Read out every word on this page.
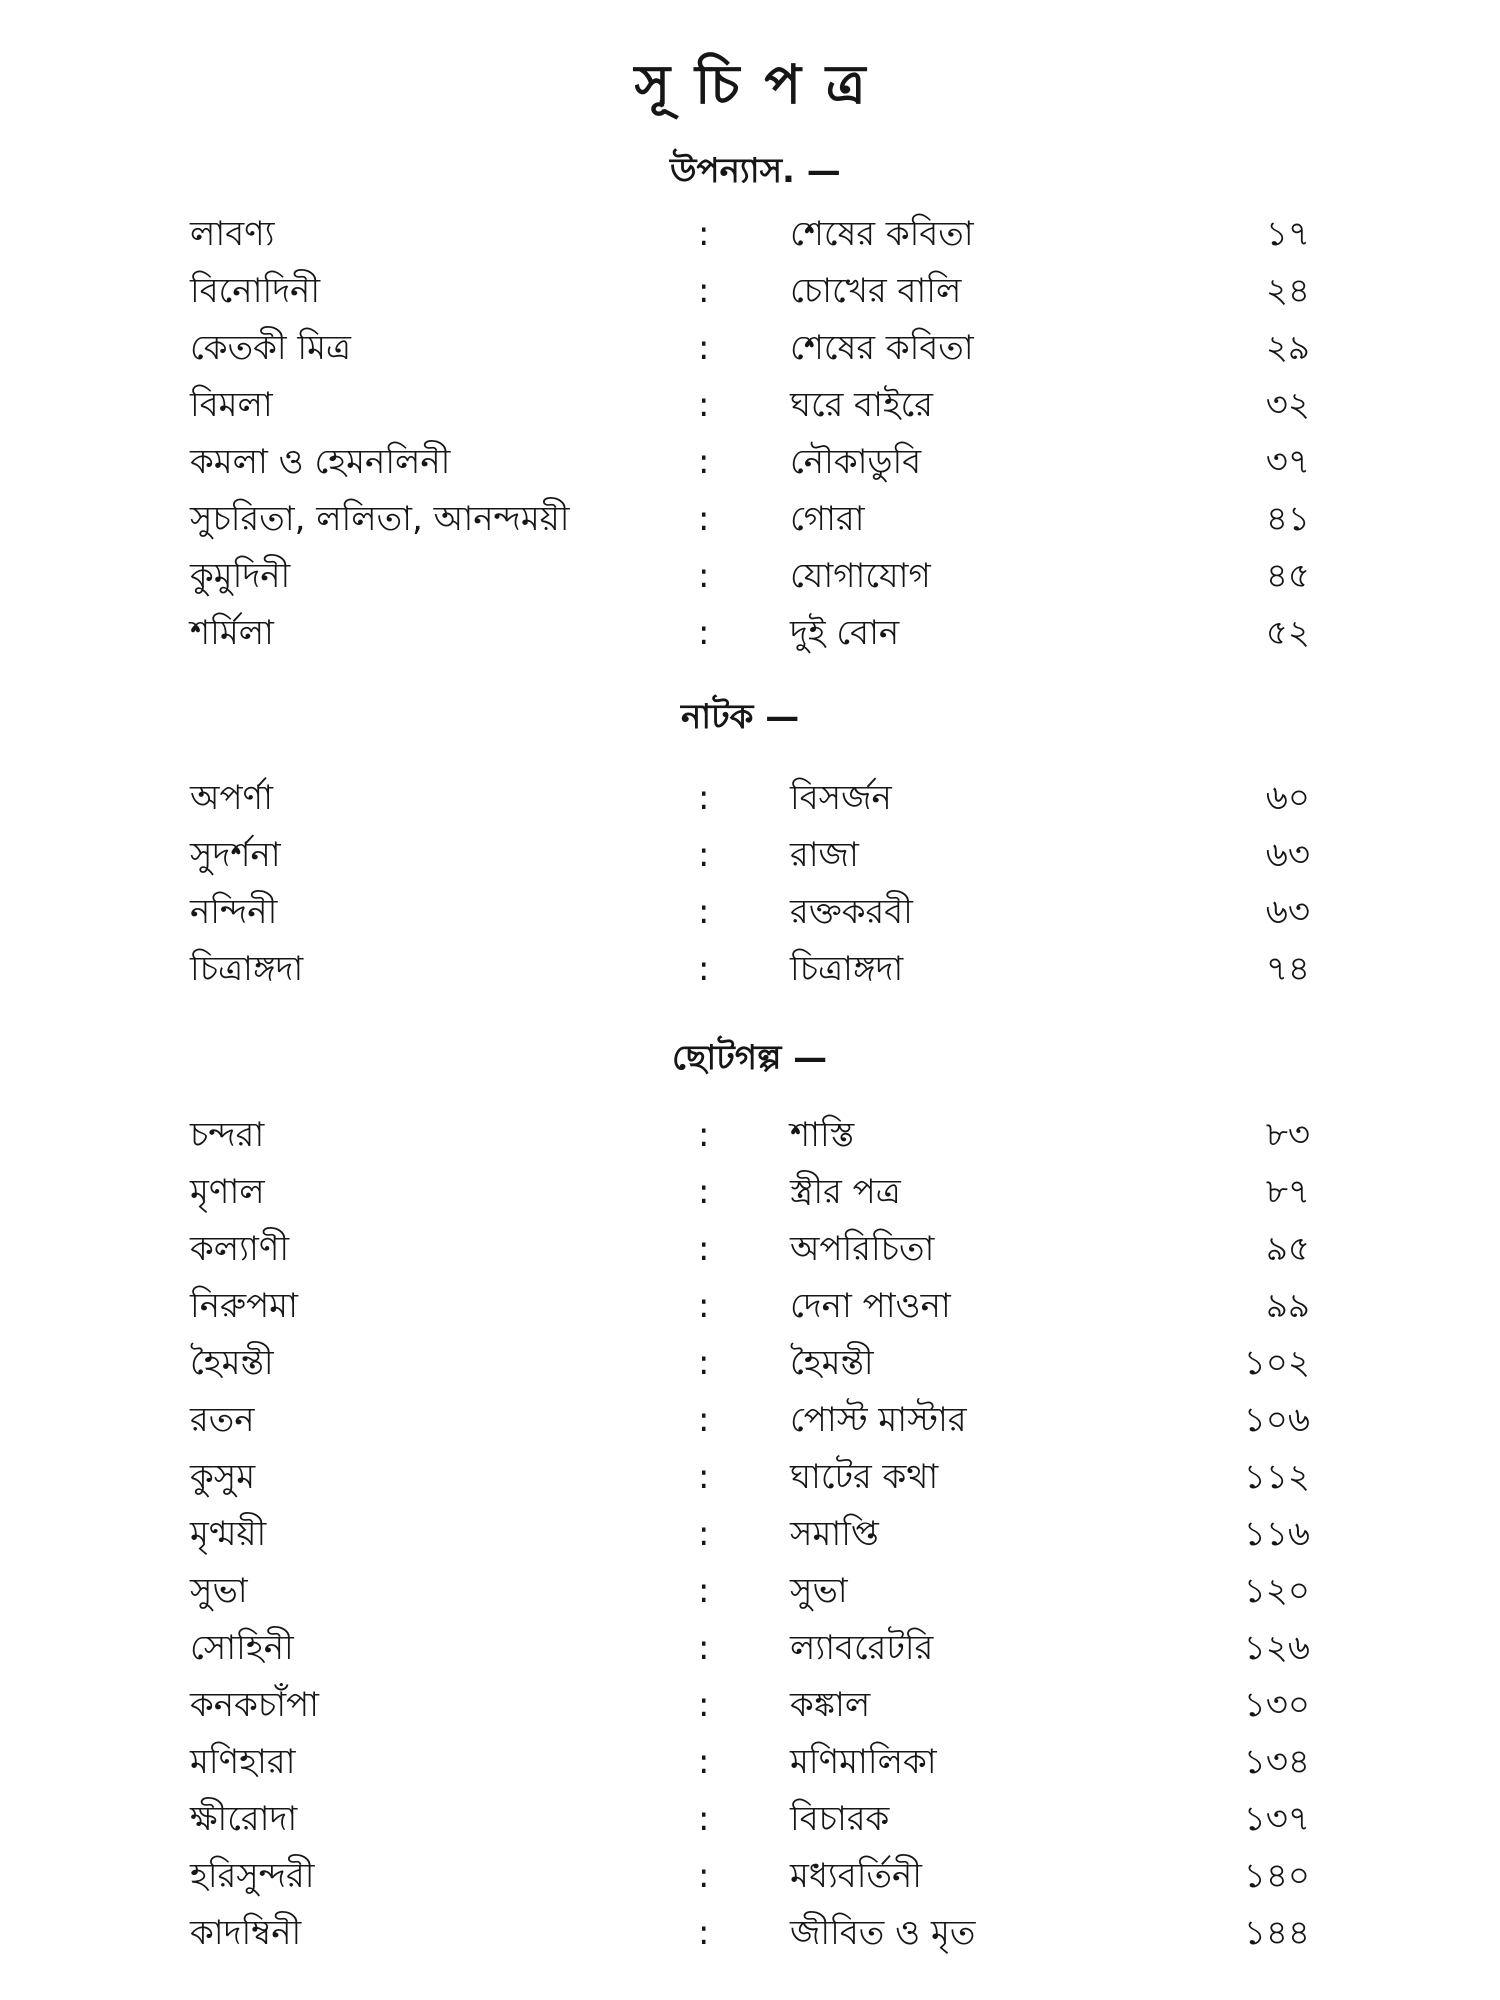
সূ চি প ত্র
উপন্যাস. —
লাবণ্য	: শেষের কবিতা	১৭
বিনোদিনী	: চোখের বালি	২৪
কেতকী মিত্র	: শেষের কবিতা	২৯
বিমলা	: ঘরে বাইরে	৩২
কমলা ও হেমনলিনী	: নৌকাডুবি	৩৭
সুচরিতা, ললিতা, আনন্দময়ী	: গোরা	৪১
কুমুদিনী	: যোগাযোগ	৪৫
শর্মিলা	: দুই বোন	৫২
নাটক —
অপর্ণা	: বিসর্জন	৬০
সুদর্শনা	: রাজা	৬৩
নন্দিনী	: রক্তকরবী	৬৩
চিত্রাঙ্গদা	: চিত্রাঙ্গদা	৭৪
ছোটগল্প —
চন্দরা	: শাস্তি	৮৩
মৃণাল	: স্ত্রীর পত্র	৮৭
কল্যাণী	: অপরিচিতা	৯৫
নিরুপমা	: দেনা পাওনা	৯৯
হৈমন্তী	: হৈমন্তী	১০২
রতন	: পোস্ট মাস্টার	১০৬
কুসুম	: ঘাটের কথা	১১২
মৃণ্ময়ী	: সমাপ্তি	১১৬
সুভা	: সুভা	১২০
সোহিনী	: ল্যাবরেটরি	১২৬
কনকচাঁপা	: কঙ্কাল	১৩০
মণিহারা	: মণিমালিকা	১৩৪
ক্ষীরোদা	: বিচারক	১৩৭
হরিসুন্দরী	: মধ্যবর্তিনী	১৪০
কাদম্বিনী	: জীবিত ও মৃত	১৪৪
